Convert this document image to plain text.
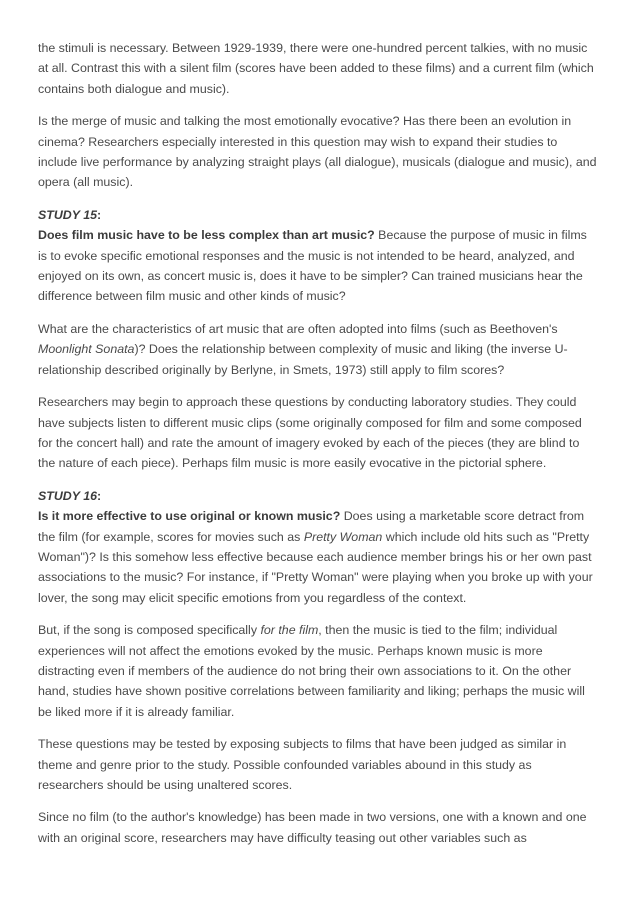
the stimuli is necessary. Between 1929-1939, there were one-hundred percent talkies, with no music at all. Contrast this with a silent film (scores have been added to these films) and a current film (which contains both dialogue and music).

Is the merge of music and talking the most emotionally evocative? Has there been an evolution in cinema? Researchers especially interested in this question may wish to expand their studies to include live performance by analyzing straight plays (all dialogue), musicals (dialogue and music), and opera (all music).

STUDY 15:

Does film music have to be less complex than art music? Because the purpose of music in films is to evoke specific emotional responses and the music is not intended to be heard, analyzed, and enjoyed on its own, as concert music is, does it have to be simpler? Can trained musicians hear the difference between film music and other kinds of music?

What are the characteristics of art music that are often adopted into films (such as Beethoven's Moonlight Sonata)? Does the relationship between complexity of music and liking (the inverse U-relationship described originally by Berlyne, in Smets, 1973) still apply to film scores?

Researchers may begin to approach these questions by conducting laboratory studies. They could have subjects listen to different music clips (some originally composed for film and some composed for the concert hall) and rate the amount of imagery evoked by each of the pieces (they are blind to the nature of each piece). Perhaps film music is more easily evocative in the pictorial sphere.

STUDY 16:

Is it more effective to use original or known music? Does using a marketable score detract from the film (for example, scores for movies such as Pretty Woman which include old hits such as "Pretty Woman")? Is this somehow less effective because each audience member brings his or her own past associations to the music? For instance, if "Pretty Woman" were playing when you broke up with your lover, the song may elicit specific emotions from you regardless of the context.

But, if the song is composed specifically for the film, then the music is tied to the film; individual experiences will not affect the emotions evoked by the music. Perhaps known music is more distracting even if members of the audience do not bring their own associations to it. On the other hand, studies have shown positive correlations between familiarity and liking; perhaps the music will be liked more if it is already familiar.

These questions may be tested by exposing subjects to films that have been judged as similar in theme and genre prior to the study. Possible confounded variables abound in this study as researchers should be using unaltered scores.

Since no film (to the author's knowledge) has been made in two versions, one with a known and one with an original score, researchers may have difficulty teasing out other variables such as
